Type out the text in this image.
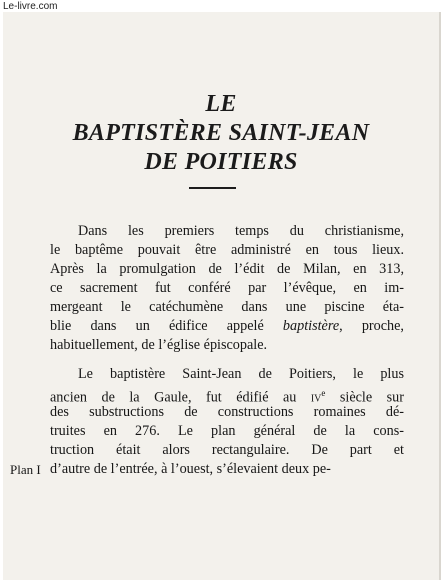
Le-livre.com
LE
BAPTISTÈRE SAINT-JEAN
DE POITIERS
Dans les premiers temps du christianisme,
le baptême pouvait être administré en tous lieux.
Après la promulgation de l’édit de Milan, en 313,
ce sacrement fut conféré par l’évêque, en im-
mergeant le catéchumène dans une piscine éta-
blie dans un édifice appelé baptistère, proche,
habituellement, de l’église épiscopale.
Le baptistère Saint-Jean de Poitiers, le plus
ancien de la Gaule, fut édifié au $iv^e$ siècle sur
des substructions de constructions romaines dé-
truites en 276. Le plan général de la cons-
truction était alors rectangulaire. De part et
d’autre de l’entrée, à l’ouest, s’élevaient deux pe-
Plan I
